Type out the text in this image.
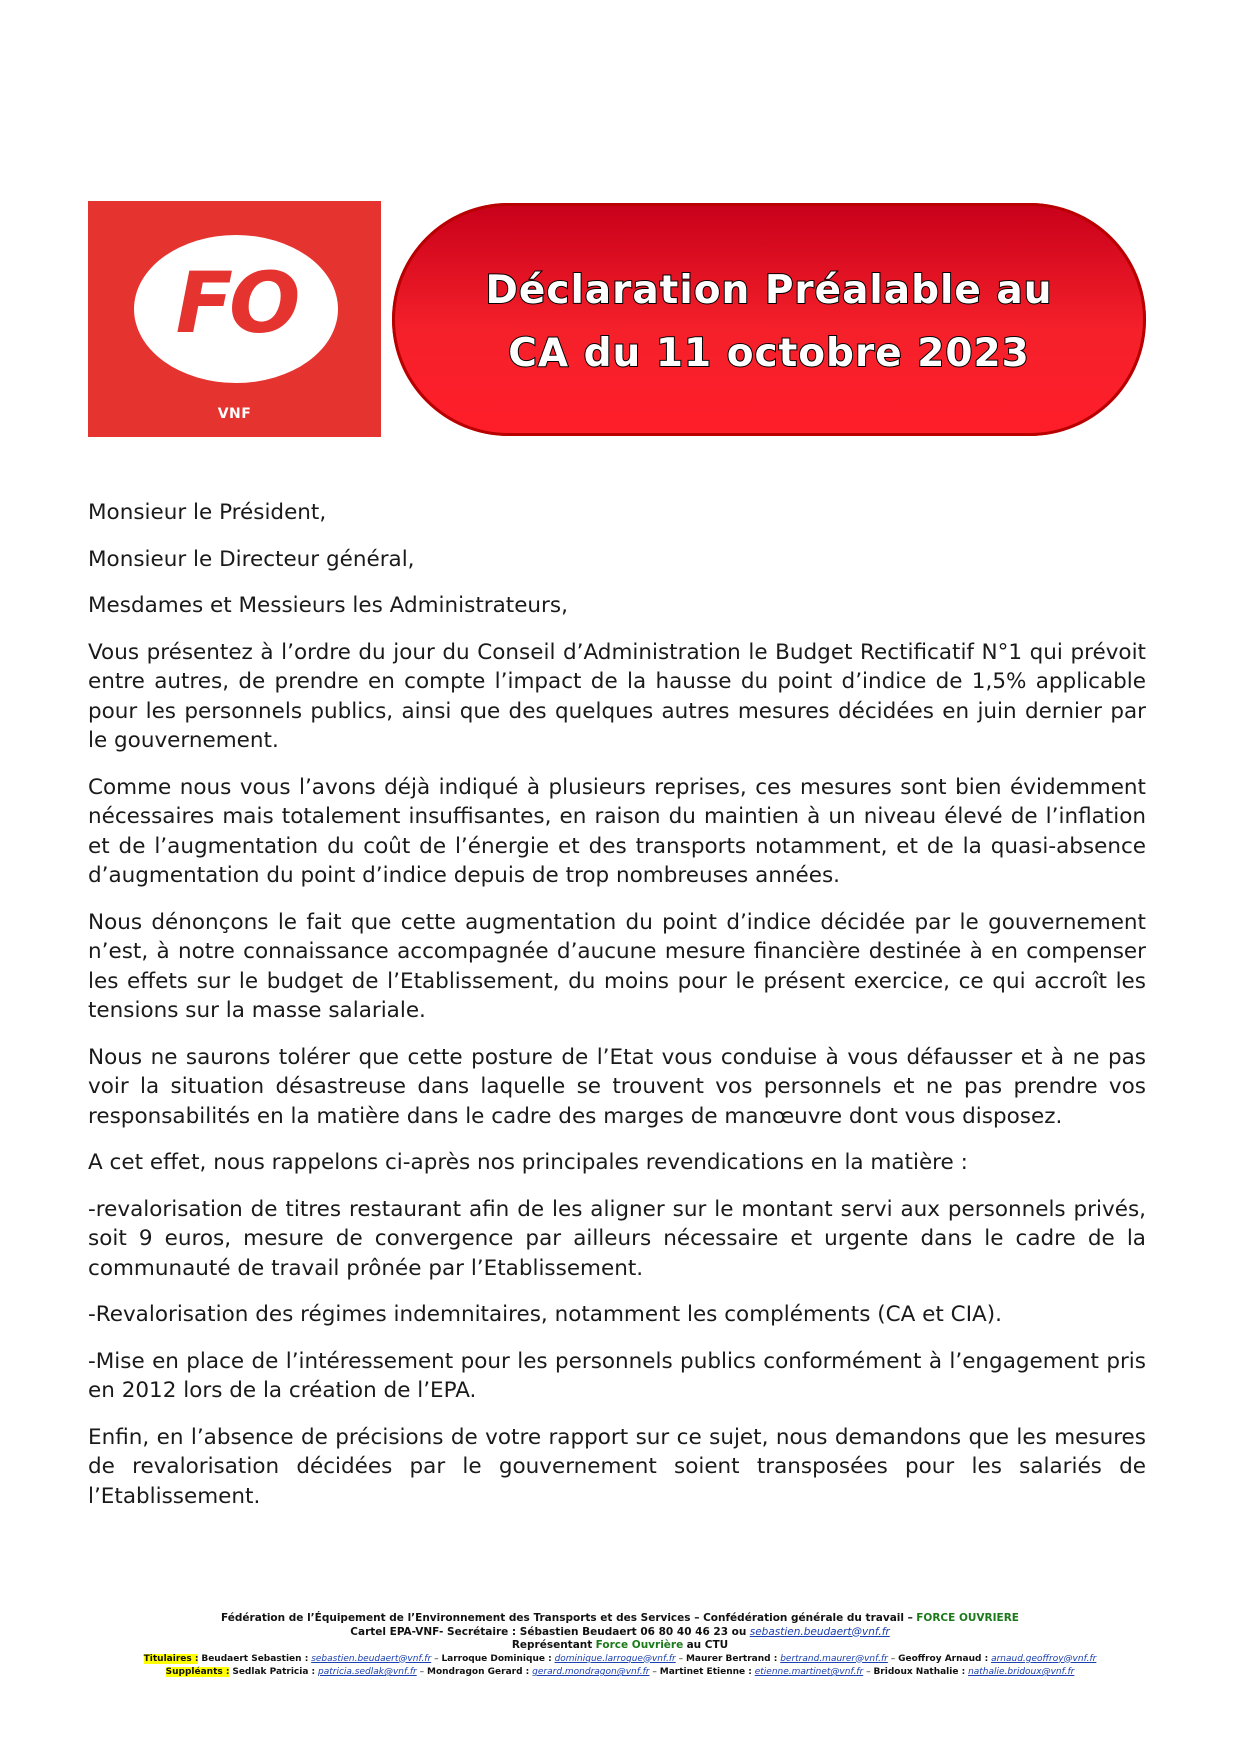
FO
VNF
Déclaration Préalable au
CA du 11 octobre 2023

Monsieur le Président,

Monsieur le Directeur général,

Mesdames et Messieurs les Administrateurs,

Vous présentez à l’ordre du jour du Conseil d’Administration le Budget Rectificatif N°1 qui prévoit entre autres, de prendre en compte l’impact de la hausse du point d’indice de 1,5% applicable pour les personnels publics, ainsi que des quelques autres mesures décidées en juin dernier par le gouvernement.

Comme nous vous l’avons déjà indiqué à plusieurs reprises, ces mesures sont bien évidemment nécessaires mais totalement insuffisantes, en raison du maintien à un niveau élevé de l’inflation et de l’augmentation du coût de l’énergie et des transports notamment, et de la quasi-absence d’augmentation du point d’indice depuis de trop nombreuses années.

Nous dénonçons le fait que cette augmentation du point d’indice décidée par le gouvernement n’est, à notre connaissance accompagnée d’aucune mesure financière destinée à en compenser les effets sur le budget de l’Etablissement, du moins pour le présent exercice, ce qui accroît les tensions sur la masse salariale.

Nous ne saurons tolérer que cette posture de l’Etat vous conduise à vous défausser et à ne pas voir la situation désastreuse dans laquelle se trouvent vos personnels et ne pas prendre vos responsabilités en la matière dans le cadre des marges de manœuvre dont vous disposez.

A cet effet, nous rappelons ci-après nos principales revendications en la matière :

-revalorisation de titres restaurant afin de les aligner sur le montant servi aux personnels privés, soit 9 euros, mesure de convergence par ailleurs nécessaire et urgente dans le cadre de la communauté de travail prônée par l’Etablissement.

-Revalorisation des régimes indemnitaires, notamment les compléments (CA et CIA).

-Mise en place de l’intéressement pour les personnels publics conformément à l’engagement pris en 2012 lors de la création de l’EPA.

Enfin, en l’absence de précisions de votre rapport sur ce sujet, nous demandons que les mesures de revalorisation décidées par le gouvernement soient transposées pour les salariés de l’Etablissement.

Fédération de l’Équipement de l’Environnement des Transports et des Services – Confédération générale du travail – FORCE OUVRIERE
Cartel EPA-VNF- Secrétaire : Sébastien Beudaert 06 80 40 46 23 ou sebastien.beudaert@vnf.fr
Représentant Force Ouvrière au CTU
Titulaires : Beudaert Sebastien : sebastien.beudaert@vnf.fr – Larroque Dominique : dominique.larroque@vnf.fr – Maurer Bertrand : bertrand.maurer@vnf.fr – Geoffroy Arnaud : arnaud.geoffroy@vnf.fr
Suppléants : Sedlak Patricia : patricia.sedlak@vnf.fr – Mondragon Gerard : gerard.mondragon@vnf.fr – Martinet Etienne : etienne.martinet@vnf.fr – Bridoux Nathalie : nathalie.bridoux@vnf.fr
